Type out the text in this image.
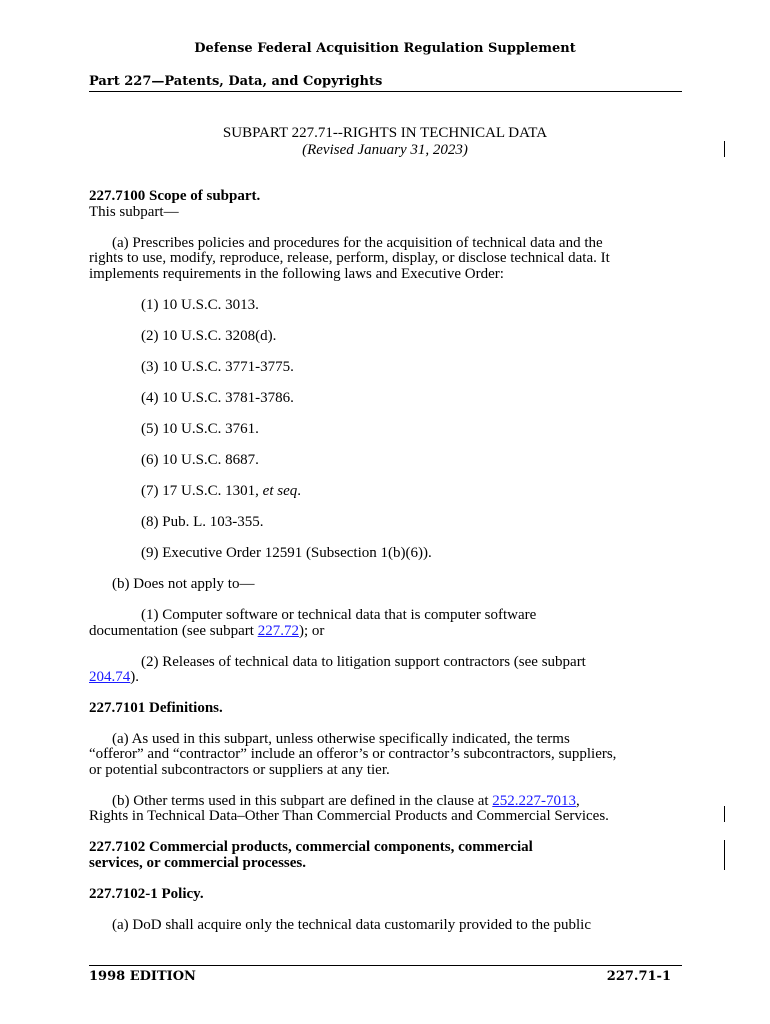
Defense Federal Acquisition Regulation Supplement
Part 227—Patents, Data, and Copyrights
SUBPART 227.71--RIGHTS IN TECHNICAL DATA
(Revised January 31, 2023)
227.7100 Scope of subpart.
This subpart—
(a) Prescribes policies and procedures for the acquisition of technical data and the
rights to use, modify, reproduce, release, perform, display, or disclose technical data. It
implements requirements in the following laws and Executive Order:
(1) 10 U.S.C. 3013.
(2) 10 U.S.C. 3208(d).
(3) 10 U.S.C. 3771-3775.
(4) 10 U.S.C. 3781-3786.
(5) 10 U.S.C. 3761.
(6) 10 U.S.C. 8687.
(7) 17 U.S.C. 1301, et seq.
(8) Pub. L. 103-355.
(9) Executive Order 12591 (Subsection 1(b)(6)).
(b) Does not apply to—
(1) Computer software or technical data that is computer software
documentation (see subpart 227.72); or
(2) Releases of technical data to litigation support contractors (see subpart
204.74).
227.7101 Definitions.
(a) As used in this subpart, unless otherwise specifically indicated, the terms
“offeror” and “contractor” include an offeror’s or contractor’s subcontractors, suppliers,
or potential subcontractors or suppliers at any tier.
(b) Other terms used in this subpart are defined in the clause at 252.227-7013,
Rights in Technical Data–Other Than Commercial Products and Commercial Services.
227.7102 Commercial products, commercial components, commercial
services, or commercial processes.
227.7102-1 Policy.
(a) DoD shall acquire only the technical data customarily provided to the public
1998 EDITION	227.71-1
